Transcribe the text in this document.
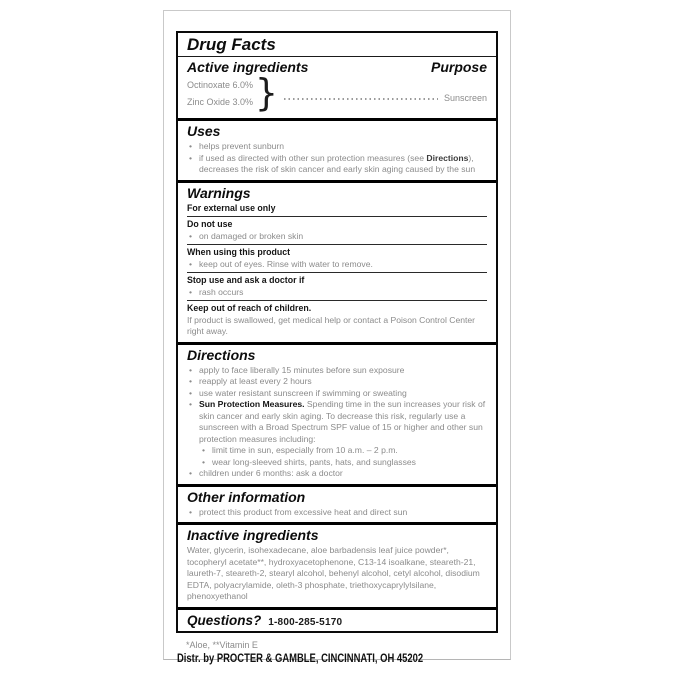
Drug Facts
Active ingredients	Purpose
Octinoxate 6.0%
Zinc Oxide 3.0% }	Sunscreen
Uses
• helps prevent sunburn
• if used as directed with other sun protection measures (see Directions), decreases the risk of skin cancer and early skin aging caused by the sun
Warnings
For external use only
Do not use
• on damaged or broken skin
When using this product
• keep out of eyes. Rinse with water to remove.
Stop use and ask a doctor if
• rash occurs
Keep out of reach of children.
If product is swallowed, get medical help or contact a Poison Control Center right away.
Directions
• apply to face liberally 15 minutes before sun exposure
• reapply at least every 2 hours
• use water resistant sunscreen if swimming or sweating
• Sun Protection Measures. Spending time in the sun increases your risk of skin cancer and early skin aging. To decrease this risk, regularly use a sunscreen with a Broad Spectrum SPF value of 15 or higher and other sun protection measures including:
• limit time in sun, especially from 10 a.m. – 2 p.m.
• wear long-sleeved shirts, pants, hats, and sunglasses
• children under 6 months: ask a doctor
Other information
• protect this product from excessive heat and direct sun
Inactive ingredients
Water, glycerin, isohexadecane, aloe barbadensis leaf juice powder*, tocopheryl acetate**, hydroxyacetophenone, C13-14 isoalkane, steareth-21, laureth-7, steareth-2, stearyl alcohol, behenyl alcohol, cetyl alcohol, disodium EDTA, polyacrylamide, oleth-3 phosphate, triethoxycaprylylsilane, phenoxyethanol
Questions? 1-800-285-5170
*Aloe, **Vitamin E
Distr. by PROCTER & GAMBLE, CINCINNATI, OH 45202
